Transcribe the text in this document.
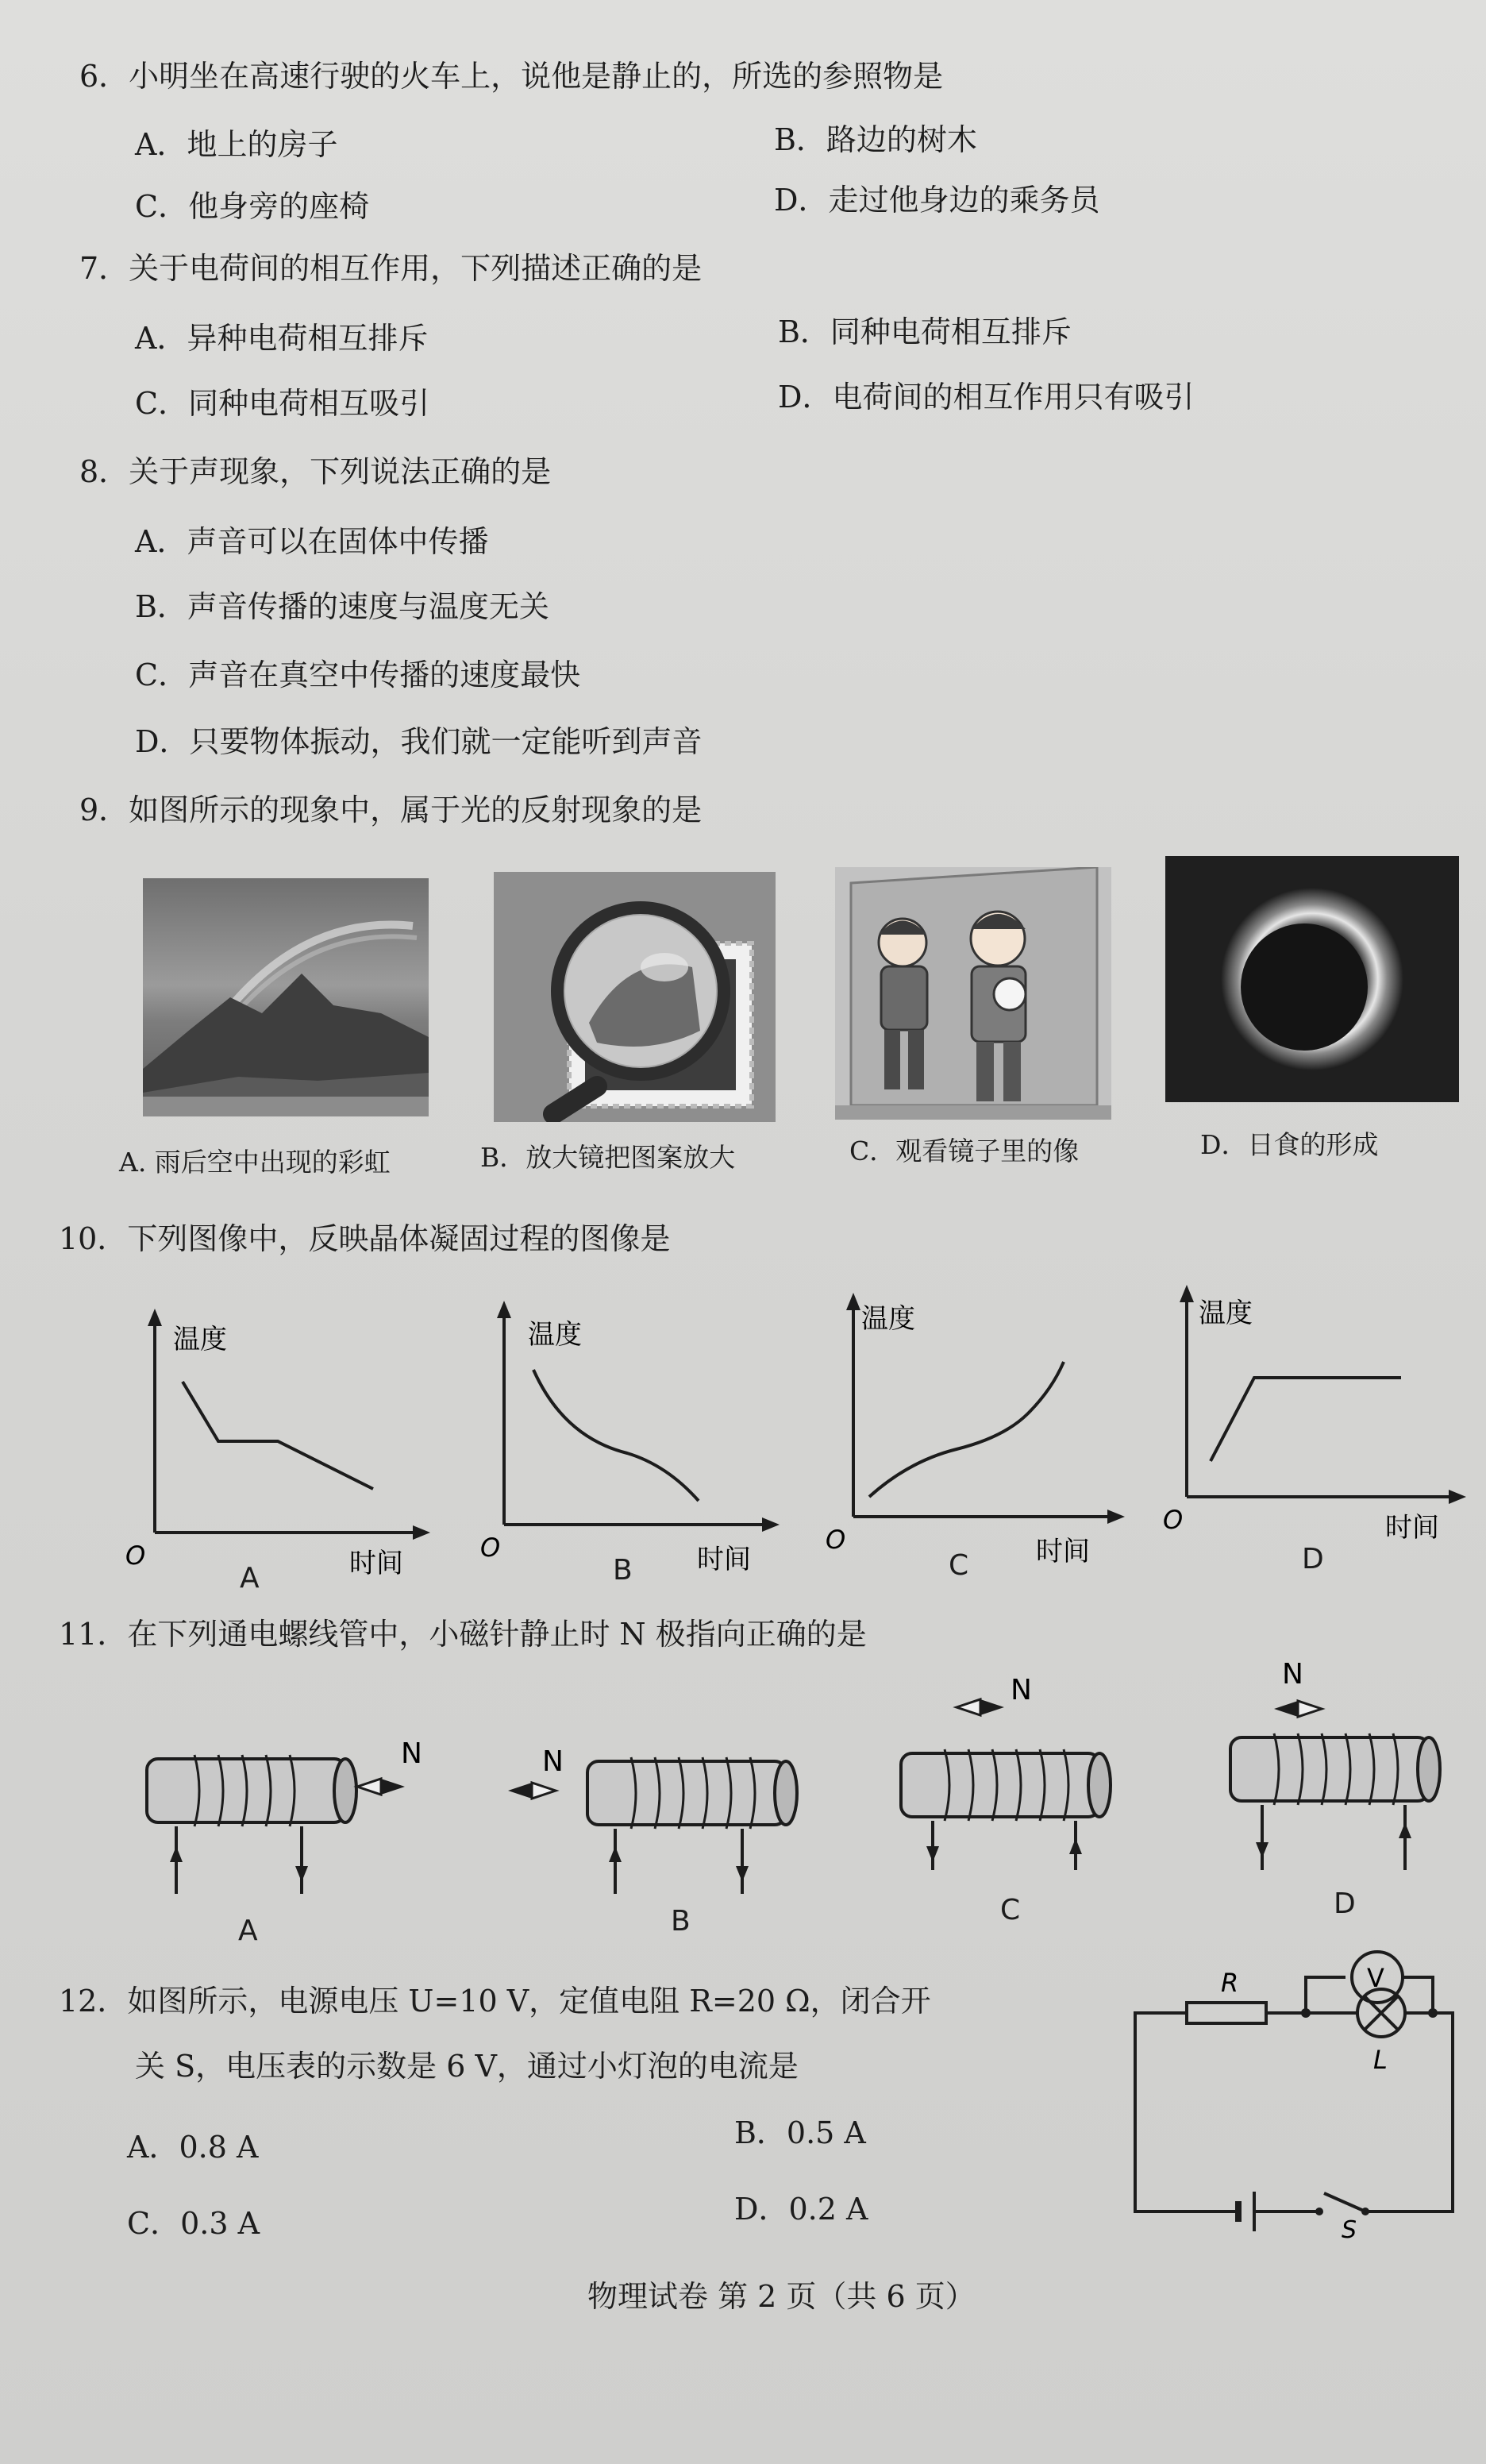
6．小明坐在高速行驶的火车上，说他是静止的，所选的参照物是
A．地上的房子	B．路边的树木
C．他身旁的座椅	D．走过他身边的乘务员
7．关于电荷间的相互作用，下列描述正确的是
A．异种电荷相互排斥	B．同种电荷相互排斥
C．同种电荷相互吸引	D．电荷间的相互作用只有吸引
8．关于声现象，下列说法正确的是
A．声音可以在固体中传播
B．声音传播的速度与温度无关
C．声音在真空中传播的速度最快
D．只要物体振动，我们就一定能听到声音
9．如图所示的现象中，属于光的反射现象的是
A. 雨后空中出现的彩虹	B．放大镜把图案放大	C．观看镜子里的像	D．日食的形成
10．下列图像中，反映晶体凝固过程的图像是
温度
时间
O
A
温度
时间
O
B
温度
时间
O
C
温度
时间
O
D
11．在下列通电螺线管中，小磁针静止时 N 极指向正确的是
N
A
N
B
N
C
N
D
12．如图所示，电源电压 U=10 V，定值电阻 R=20 Ω，闭合开
关 S，电压表的示数是 6 V，通过小灯泡的电流是
A．0.8 A	B．0.5 A
C．0.3 A	D．0.2 A
R	V
L
S
物理试卷 第 2 页（共 6 页）
